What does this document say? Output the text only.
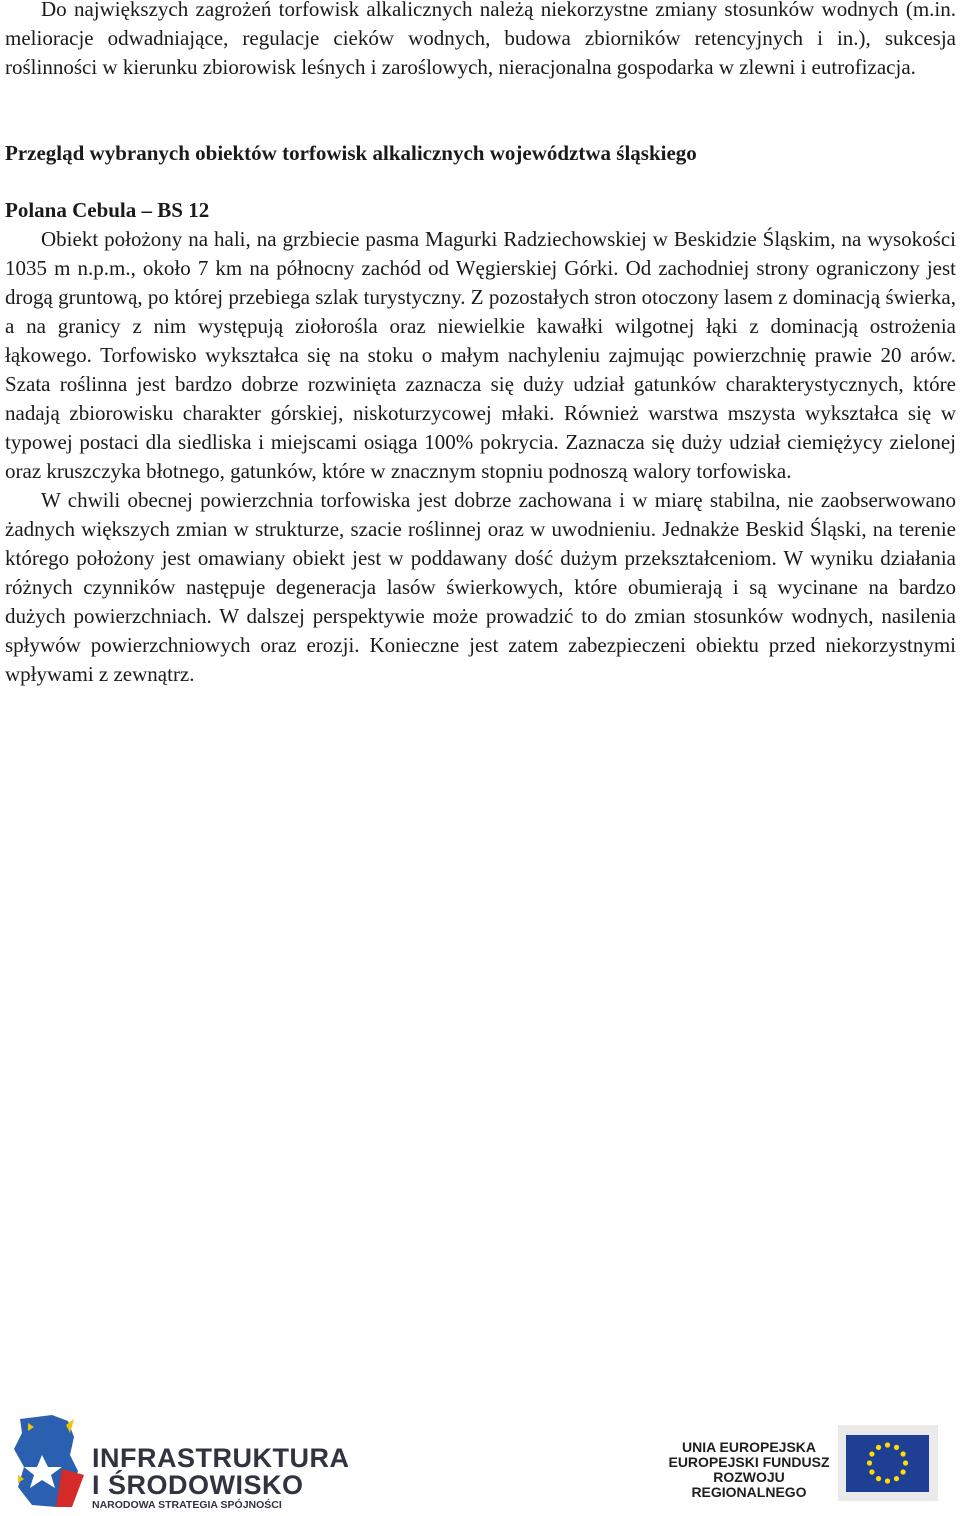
Do największych zagrożeń torfowisk alkalicznych należą niekorzystne zmiany stosunków wodnych (m.in. melioracje odwadniające, regulacje cieków wodnych, budowa zbiorników retencyjnych i in.), sukcesja roślinności w kierunku zbiorowisk leśnych i zaroślowych, nieracjonalna gospodarka w zlewni i eutrofizacja.

Przegląd wybranych obiektów torfowisk alkalicznych województwa śląskiego

Polana Cebula – BS 12

Obiekt położony na hali, na grzbiecie pasma Magurki Radziechowskiej w Beskidzie Śląskim, na wysokości 1035 m n.p.m., około 7 km na północny zachód od Węgierskiej Górki. Od zachodniej strony ograniczony jest drogą gruntową, po której przebiega szlak turystyczny. Z pozostałych stron otoczony lasem z dominacją świerka, a na granicy z nim występują ziołorośla oraz niewielkie kawałki wilgotnej łąki z dominacją ostrożenia łąkowego. Torfowisko wykształca się na stoku o małym nachyleniu zajmując powierzchnię prawie 20 arów. Szata roślinna jest bardzo dobrze rozwinięta zaznacza się duży udział gatunków charakterystycznych, które nadają zbiorowisku charakter górskiej, niskoturzycowej młaki. Również warstwa mszysta wykształca się w typowej postaci dla siedliska i miejscami osiąga 100% pokrycia. Zaznacza się duży udział ciemiężycy zielonej oraz kruszczyka błotnego, gatunków, które w znacznym stopniu podnoszą walory torfowiska.

W chwili obecnej powierzchnia torfowiska jest dobrze zachowana i w miarę stabilna, nie zaobserwowano żadnych większych zmian w strukturze, szacie roślinnej oraz w uwodnieniu. Jednakże Beskid Śląski, na terenie którego położony jest omawiany obiekt jest w poddawany dość dużym przekształceniom. W wyniku działania różnych czynników następuje degeneracja lasów świerkowych, które obumierają i są wycinane na bardzo dużych powierzchniach. W dalszej perspektywie może prowadzić to do zmian stosunków wodnych, nasilenia spływów powierzchniowych oraz erozji. Konieczne jest zatem zabezpieczeni obiektu przed niekorzystnymi wpływami z zewnątrz.

INFRASTRUKTURA
I ŚRODOWISKO
NARODOWA STRATEGIA SPÓJNOŚCI
UNIA EUROPEJSKA
EUROPEJSKI FUNDUSZ
ROZWOJU REGIONALNEGO
